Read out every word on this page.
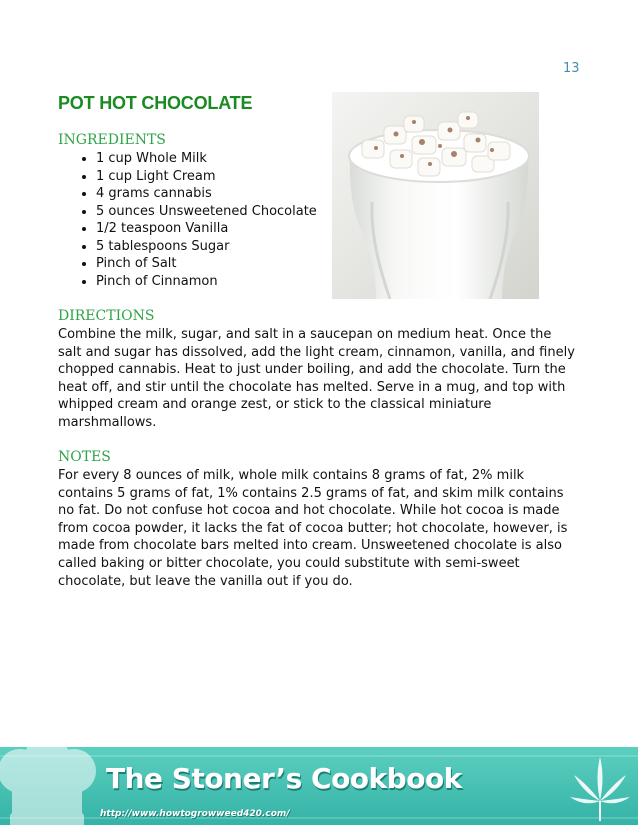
13
POT HOT CHOCOLATE
INGREDIENTS
• 1 cup Whole Milk
• 1 cup Light Cream
• 4 grams cannabis
• 5 ounces Unsweetened Chocolate
• 1/2 teaspoon Vanilla
• 5 tablespoons Sugar
• Pinch of Salt
• Pinch of Cinnamon
DIRECTIONS

Combine the milk, sugar, and salt in a saucepan on medium heat. Once the salt and sugar has dissolved, add the light cream, cinnamon, vanilla, and finely chopped cannabis. Heat to just under boiling, and add the chocolate. Turn the heat off, and stir until the chocolate has melted. Serve in a mug, and top with whipped cream and orange zest, or stick to the classical miniature marshmallows.

NOTES

For every 8 ounces of milk, whole milk contains 8 grams of fat, 2% milk contains 5 grams of fat, 1% contains 2.5 grams of fat, and skim milk contains no fat. Do not confuse hot cocoa and hot chocolate. While hot cocoa is made from cocoa powder, it lacks the fat of cocoa butter; hot chocolate, however, is made from chocolate bars melted into cream. Unsweetened chocolate is also called baking or bitter chocolate, you could substitute with semi-sweet chocolate, but leave the vanilla out if you do.

The Stoner’s Cookbook
http://www.howtogrowweed420.com/
